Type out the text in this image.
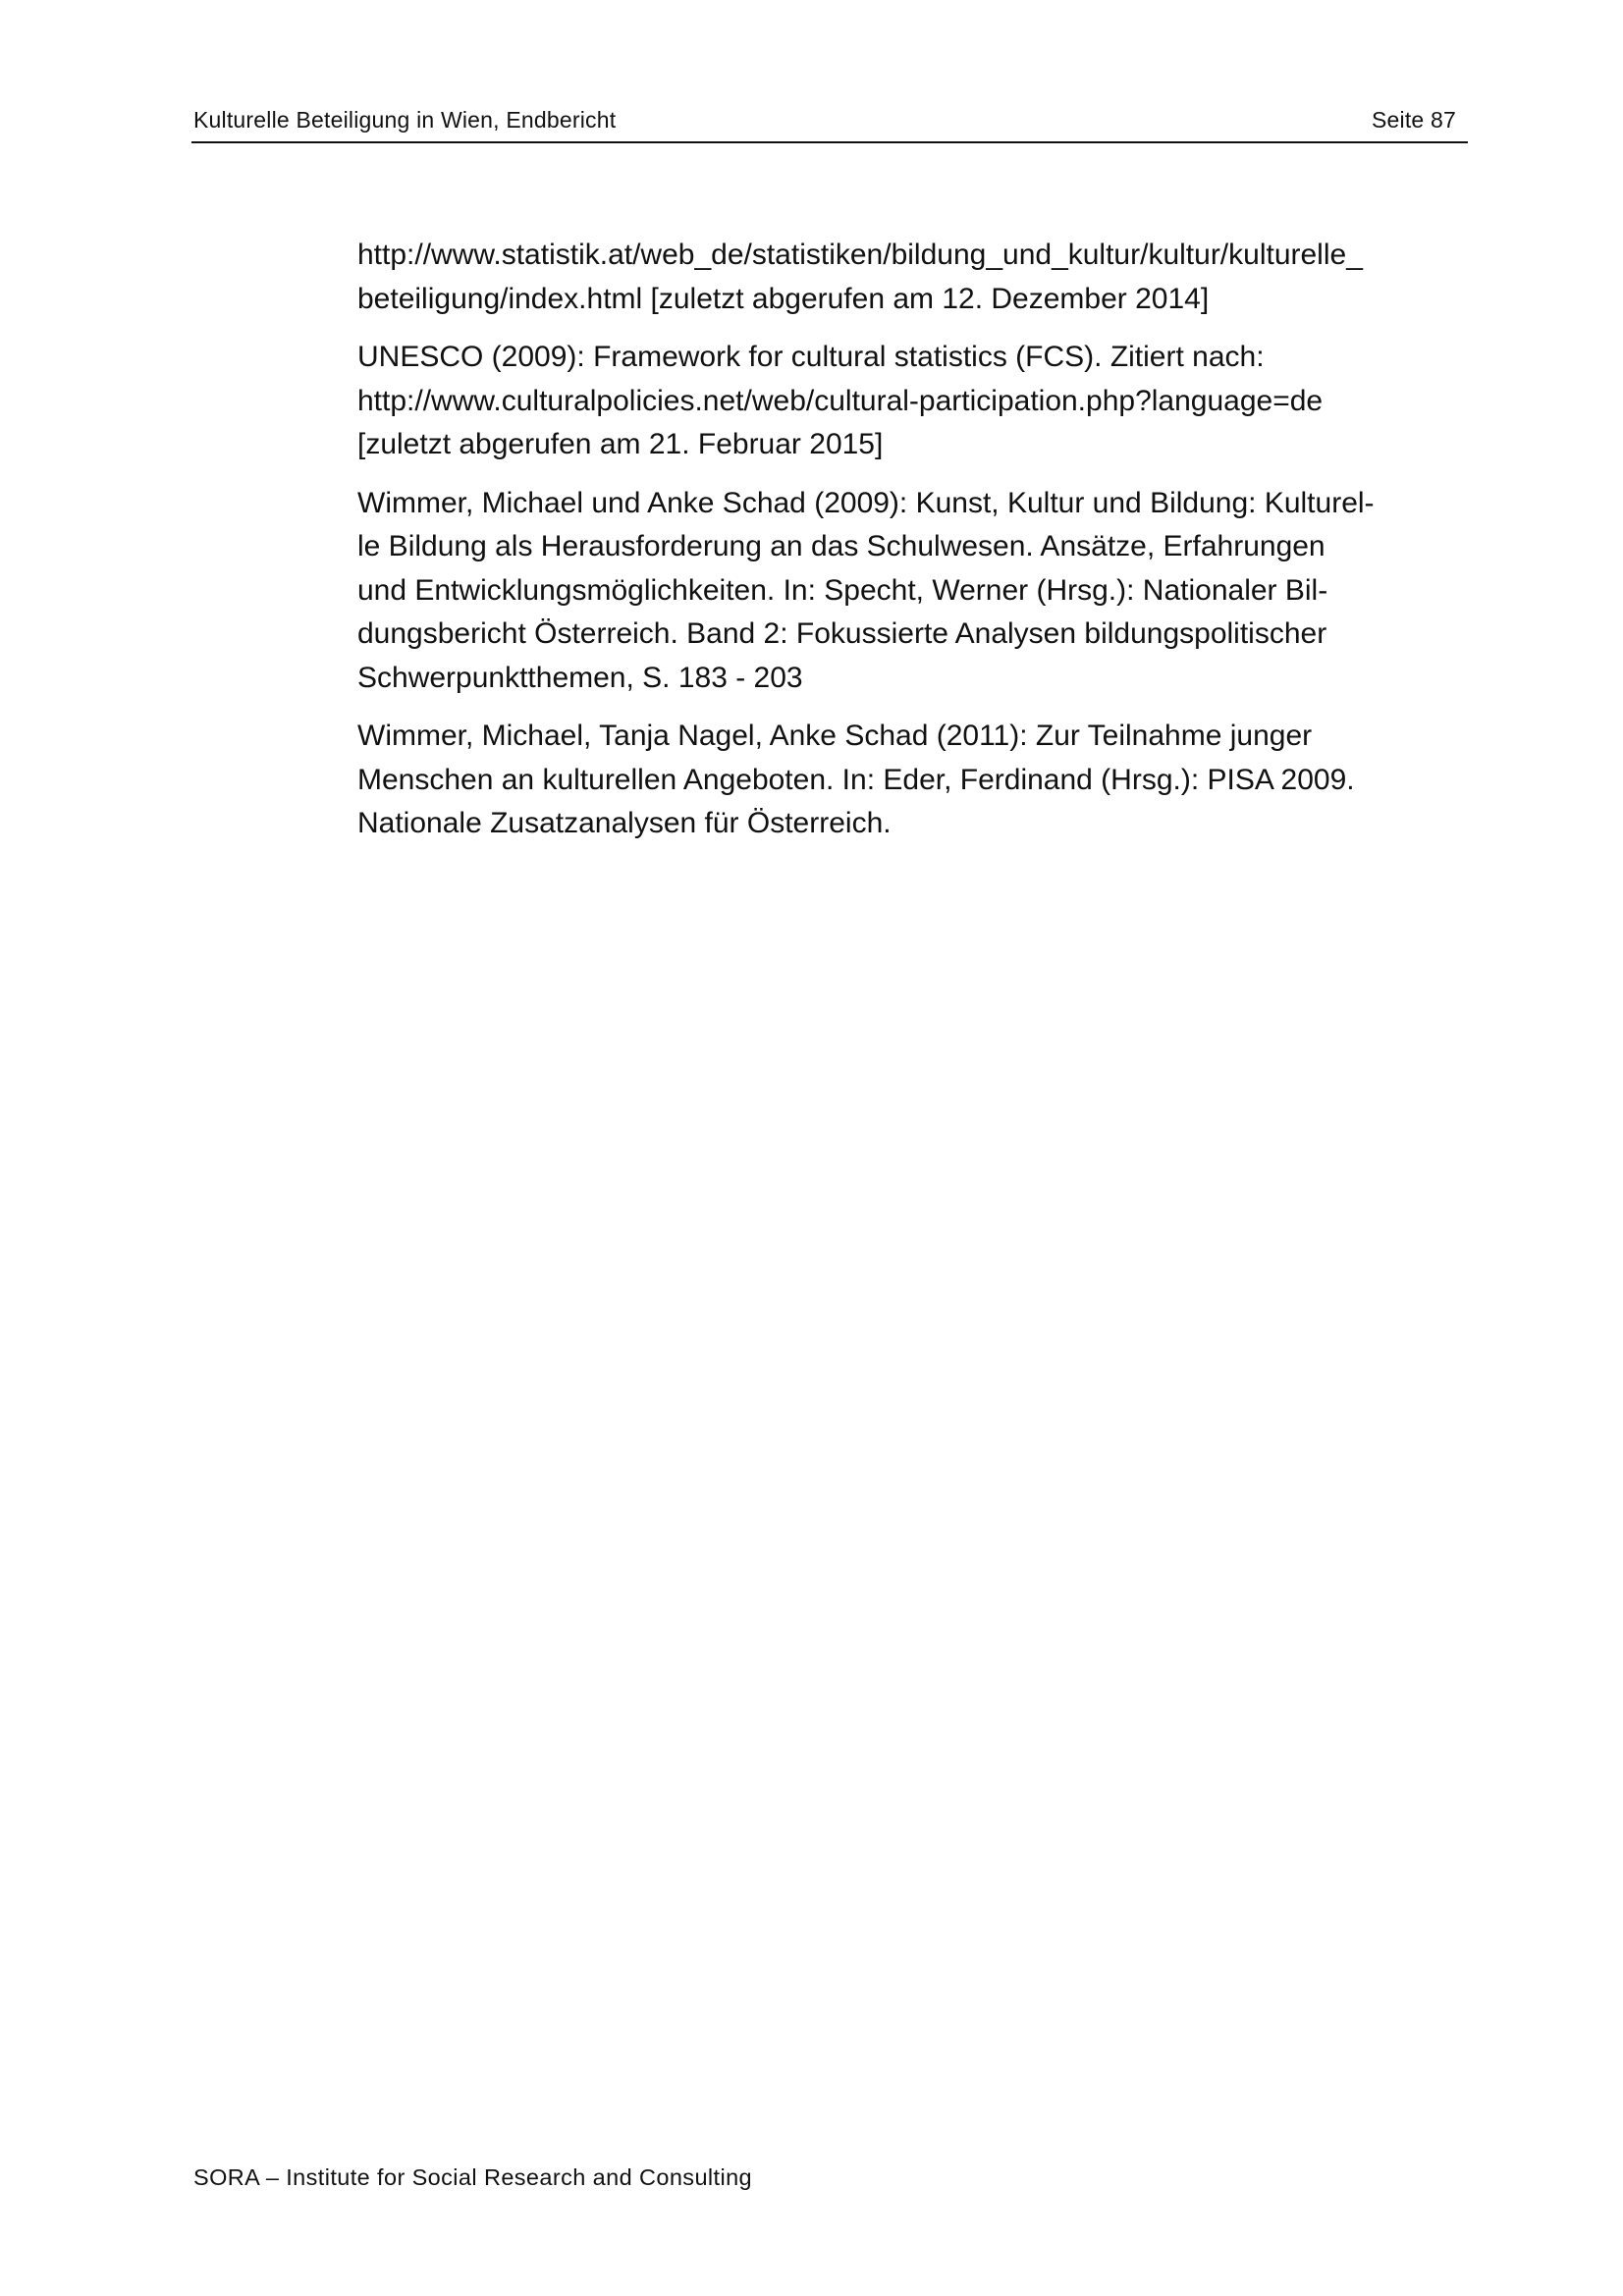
Kulturelle Beteiligung in Wien, Endbericht	Seite 87
http://www.statistik.at/web_de/statistiken/bildung_und_kultur/kultur/kulturelle_
beteiligung/index.html [zuletzt abgerufen am 12. Dezember 2014]
UNESCO (2009): Framework for cultural statistics (FCS). Zitiert nach:
http://www.culturalpolicies.net/web/cultural-participation.php?language=de
[zuletzt abgerufen am 21. Februar 2015]
Wimmer, Michael und Anke Schad (2009): Kunst, Kultur und Bildung: Kulturel-
le Bildung als Herausforderung an das Schulwesen. Ansätze, Erfahrungen
und Entwicklungsmöglichkeiten. In: Specht, Werner (Hrsg.): Nationaler Bil-
dungsbericht Österreich. Band 2: Fokussierte Analysen bildungspolitischer
Schwerpunktthemen, S. 183 - 203
Wimmer, Michael, Tanja Nagel, Anke Schad (2011): Zur Teilnahme junger
Menschen an kulturellen Angeboten. In: Eder, Ferdinand (Hrsg.): PISA 2009.
Nationale Zusatzanalysen für Österreich.
SORA – Institute for Social Research and Consulting
